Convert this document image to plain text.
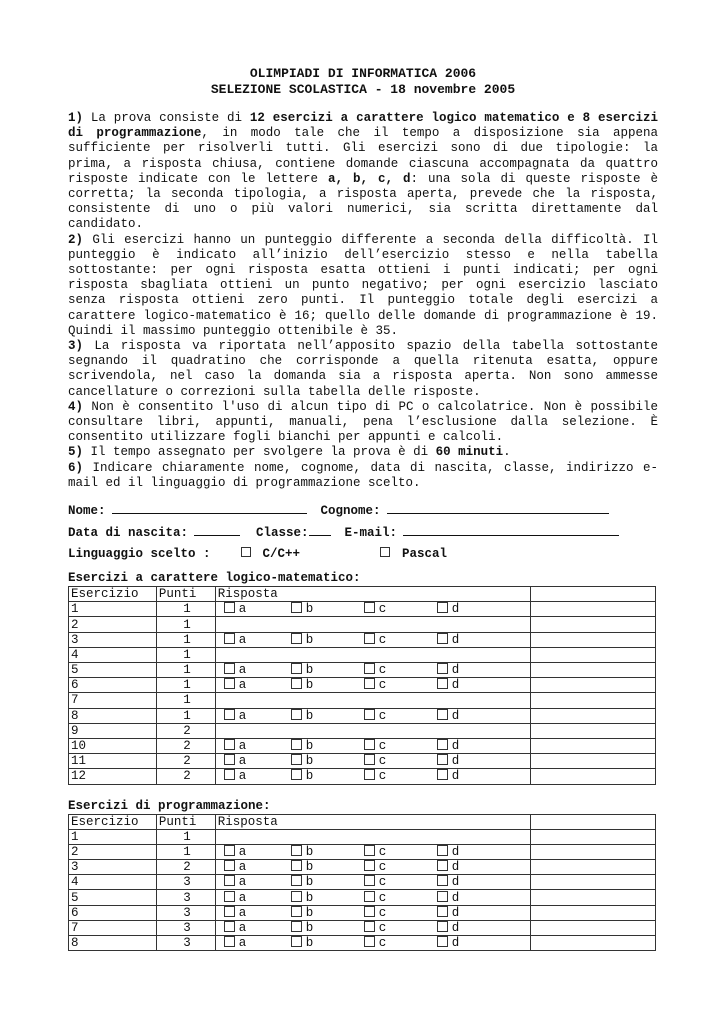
OLIMPIADI DI INFORMATICA 2006

SELEZIONE SCOLASTICA - 18 novembre 2005

1) La prova consiste di 12 esercizi a carattere logico matematico e 8 esercizi di programmazione, in modo tale che il tempo a disposizione sia appena sufficiente per risolverli tutti. Gli esercizi sono di due tipologie: la prima, a risposta chiusa, contiene domande ciascuna accompagnata da quattro risposte indicate con le lettere a, b, c, d: una sola di queste risposte è corretta; la seconda tipologia, a risposta aperta, prevede che la risposta, consistente di uno o più valori numerici, sia scritta direttamente dal candidato.

2) Gli esercizi hanno un punteggio differente a seconda della difficoltà. Il punteggio è indicato all’inizio dell’esercizio stesso e nella tabella sottostante: per ogni risposta esatta ottieni i punti indicati; per ogni risposta sbagliata ottieni un punto negativo; per ogni esercizio lasciato senza risposta ottieni zero punti. Il punteggio totale degli esercizi a carattere logico-matematico è 16; quello delle domande di programmazione è 19. Quindi il massimo punteggio ottenibile è 35.

3) La risposta va riportata nell’apposito spazio della tabella sottostante segnando il quadratino che corrisponde a quella ritenuta esatta, oppure scrivendola, nel caso la domanda sia a risposta aperta. Non sono ammesse cancellature o correzioni sulla tabella delle risposte.

4) Non è consentito l'uso di alcun tipo di PC o calcolatrice. Non è possibile consultare libri, appunti, manuali, pena l’esclusione dalla selezione. È consentito utilizzare fogli bianchi per appunti e calcoli.

5) Il tempo assegnato per svolgere la prova è di 60 minuti.

6) Indicare chiaramente nome, cognome, data di nascita, classe, indirizzo e-mail ed il linguaggio di programmazione scelto.

Nome:	Cognome:
Data di nascita:	Classe:	E-mail:
Linguaggio scelto :	C/C++	Pascal

Esercizi a carattere logico-matematico:

Esercizio	Punti	Risposta	
1	1	a b c d	

2	1		
3	1	a b c d	

4	1		
5	1	a b c d	

6	1	a b c d	

7	1		
8	1	a b c d	

9	2		
10	2	a b c d	

11	2	a b c d	

12	2	a b c d	

Esercizi di programmazione:

Esercizio	Punti	Risposta	
1	1		
2	1	a b c d	

3	2	a b c d	

4	3	a b c d	

5	3	a b c d	

6	3	a b c d	

7	3	a b c d	

8	3	a b c d	
